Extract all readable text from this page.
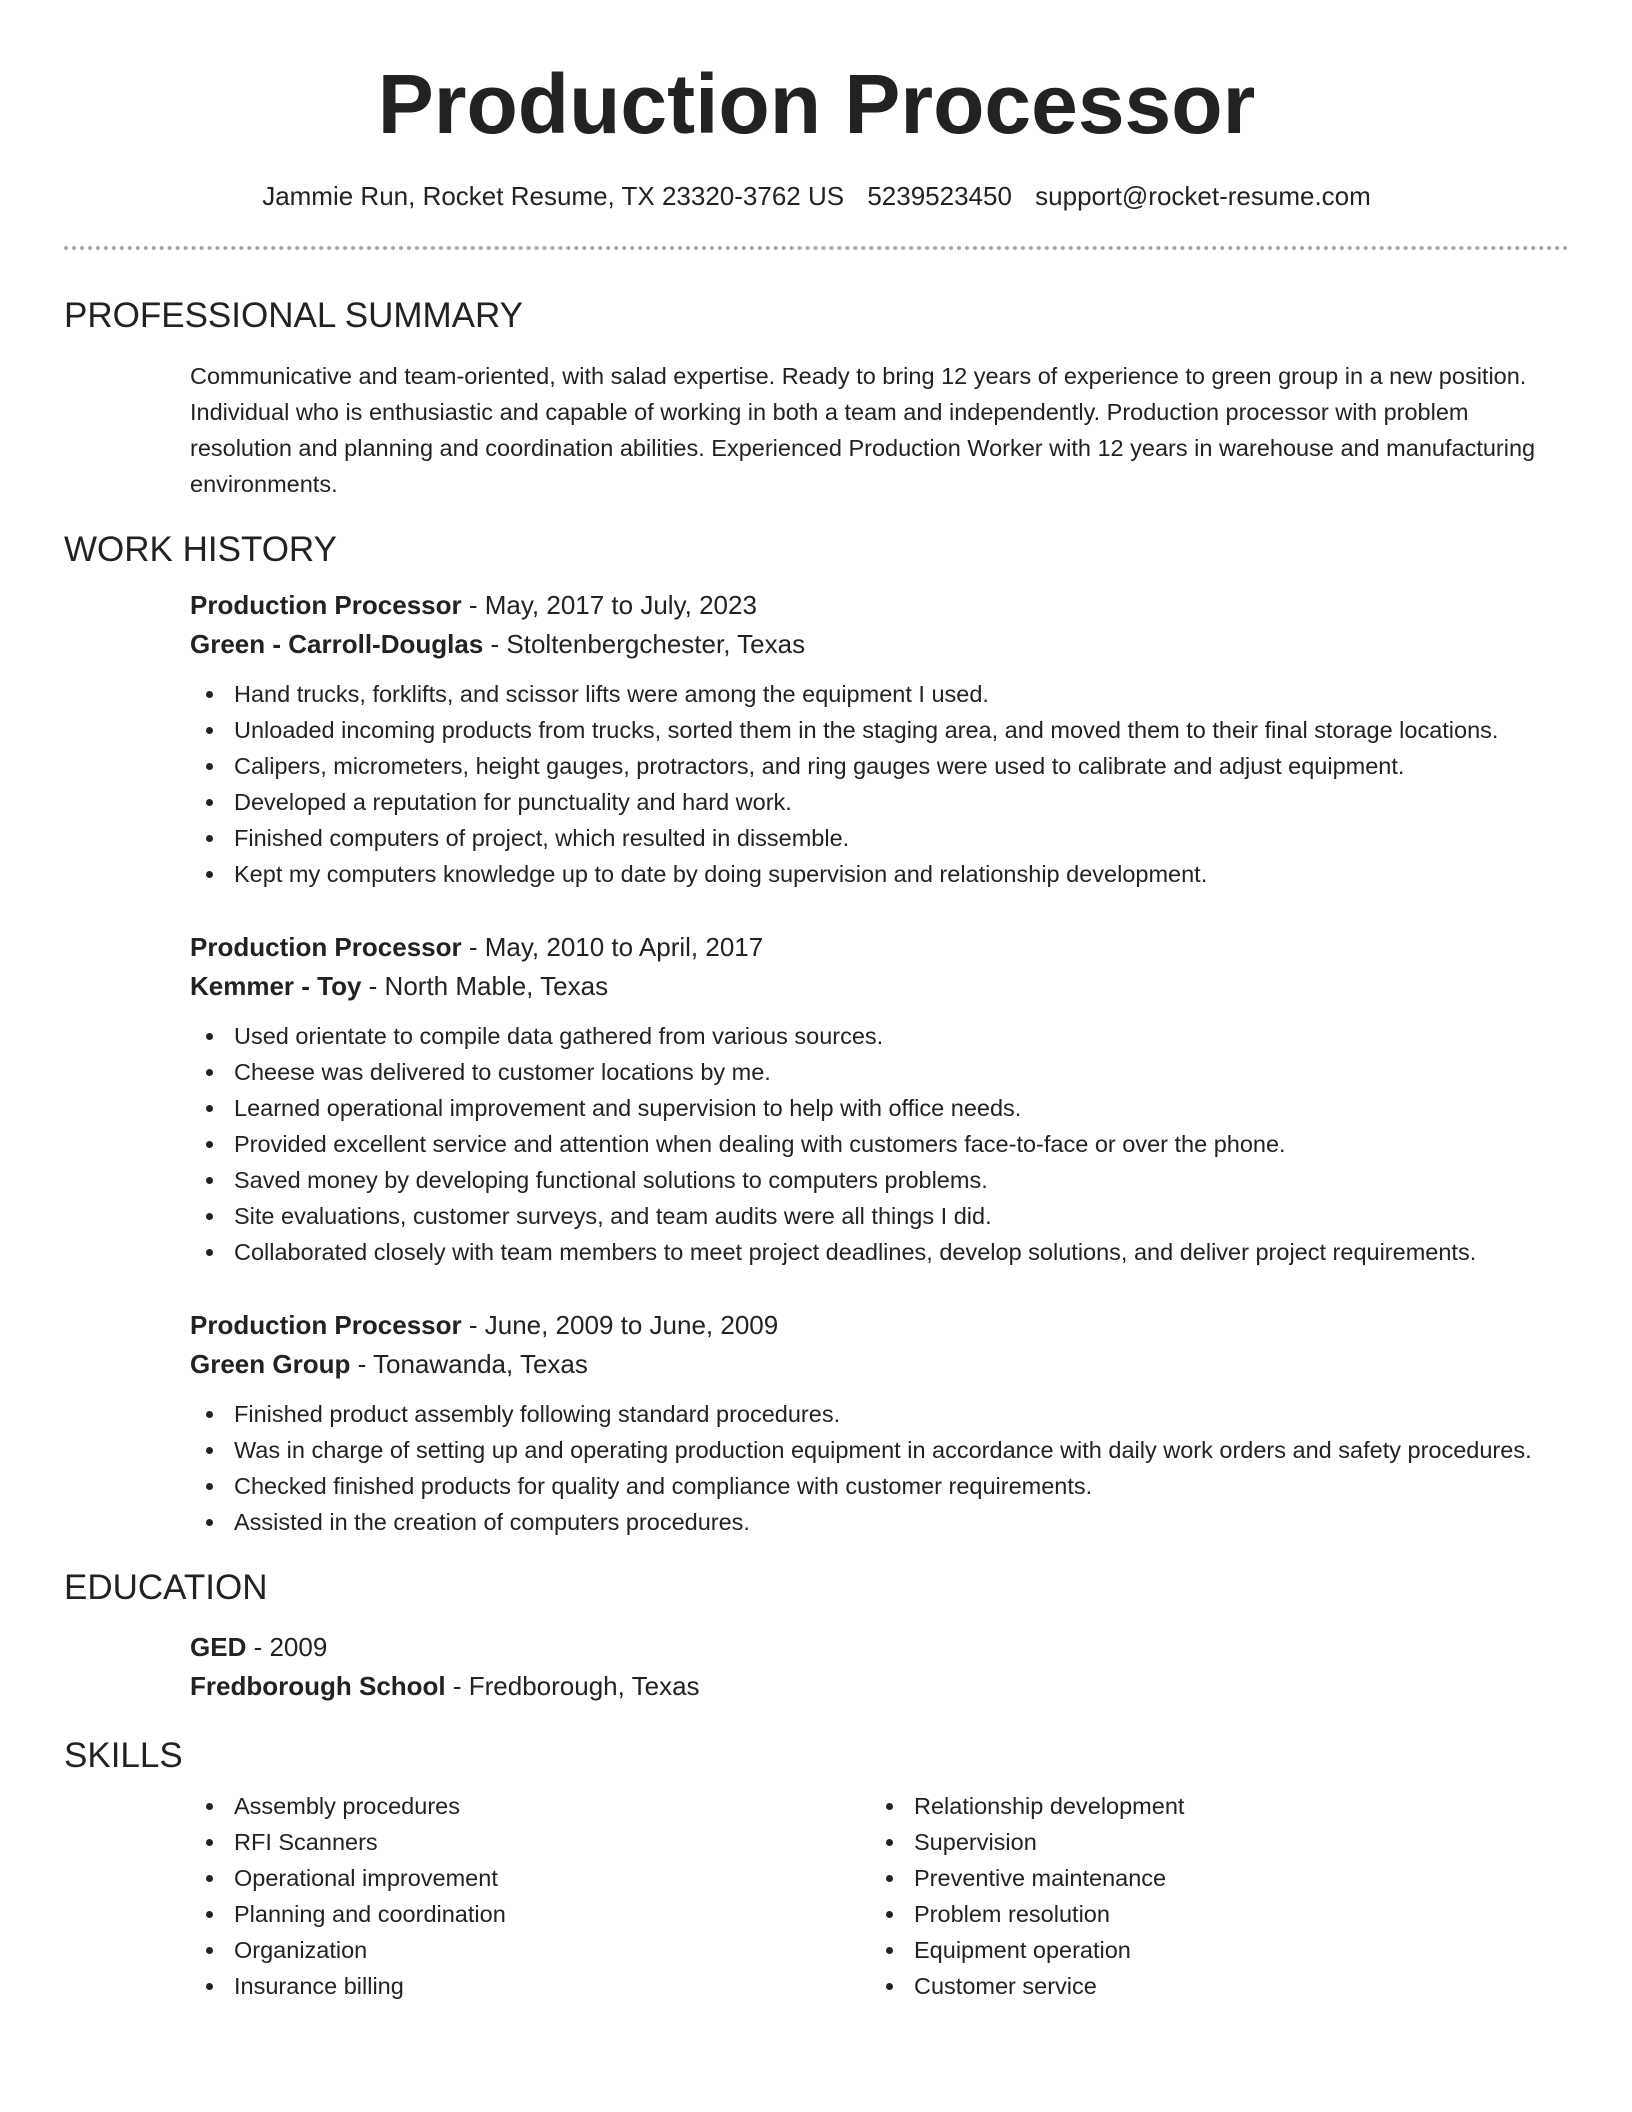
Production Processor
Jammie Run, Rocket Resume, TX 23320-3762 US 5239523450 support@rocket-resume.com
PROFESSIONAL SUMMARY
Communicative and team-oriented, with salad expertise. Ready to bring 12 years of experience to green group in a new position. Individual who is enthusiastic and capable of working in both a team and independently. Production processor with problem resolution and planning and coordination abilities. Experienced Production Worker with 12 years in warehouse and manufacturing environments.
WORK HISTORY
Production Processor - May, 2017 to July, 2023
Green - Carroll-Douglas - Stoltenbergchester, Texas
Hand trucks, forklifts, and scissor lifts were among the equipment I used.
Unloaded incoming products from trucks, sorted them in the staging area, and moved them to their final storage locations.
Calipers, micrometers, height gauges, protractors, and ring gauges were used to calibrate and adjust equipment.
Developed a reputation for punctuality and hard work.
Finished computers of project, which resulted in dissemble.
Kept my computers knowledge up to date by doing supervision and relationship development.
Production Processor - May, 2010 to April, 2017
Kemmer - Toy - North Mable, Texas
Used orientate to compile data gathered from various sources.
Cheese was delivered to customer locations by me.
Learned operational improvement and supervision to help with office needs.
Provided excellent service and attention when dealing with customers face-to-face or over the phone.
Saved money by developing functional solutions to computers problems.
Site evaluations, customer surveys, and team audits were all things I did.
Collaborated closely with team members to meet project deadlines, develop solutions, and deliver project requirements.
Production Processor - June, 2009 to June, 2009
Green Group - Tonawanda, Texas
Finished product assembly following standard procedures.
Was in charge of setting up and operating production equipment in accordance with daily work orders and safety procedures.
Checked finished products for quality and compliance with customer requirements.
Assisted in the creation of computers procedures.
EDUCATION
GED - 2009
Fredborough School - Fredborough, Texas
SKILLS
Assembly procedures
RFI Scanners
Operational improvement
Planning and coordination
Organization
Insurance billing
Relationship development
Supervision
Preventive maintenance
Problem resolution
Equipment operation
Customer service
